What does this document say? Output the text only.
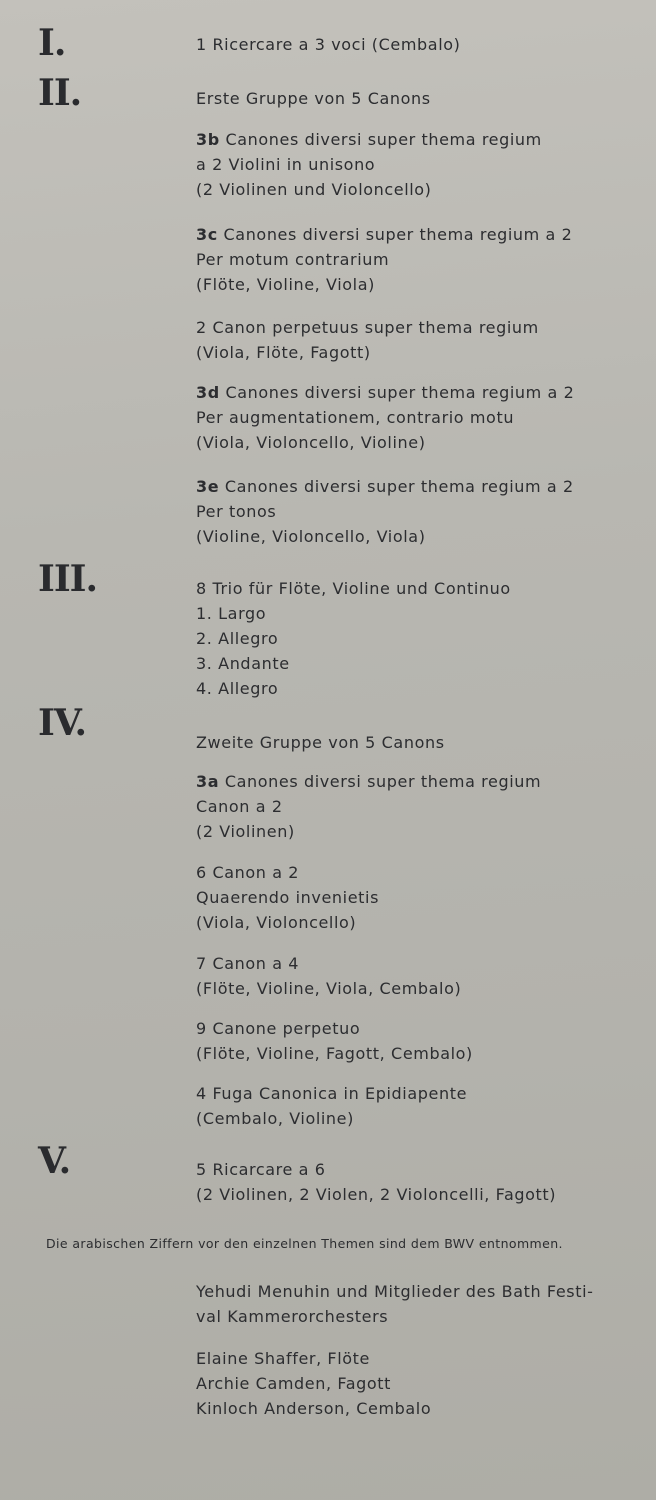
I.	1 Ricercare a 3 voci (Cembalo)
II.	Erste Gruppe von 5 Canons
3b Canones diversi super thema regium
a 2 Violini in unisono
(2 Violinen und Violoncello)
3c Canones diversi super thema regium a 2
Per motum contrarium
(Flöte, Violine, Viola)
2 Canon perpetuus super thema regium
(Viola, Flöte, Fagott)
3d Canones diversi super thema regium a 2
Per augmentationem, contrario motu
(Viola, Violoncello, Violine)
3e Canones diversi super thema regium a 2
Per tonos
(Violine, Violoncello, Viola)
III.	8 Trio für Flöte, Violine und Continuo
1. Largo
2. Allegro
3. Andante
4. Allegro
IV.	Zweite Gruppe von 5 Canons
3a Canones diversi super thema regium
Canon a 2
(2 Violinen)
6 Canon a 2
Quaerendo invenietis
(Viola, Violoncello)
7 Canon a 4
(Flöte, Violine, Viola, Cembalo)
9 Canone perpetuo
(Flöte, Violine, Fagott, Cembalo)
4 Fuga Canonica in Epidiapente
(Cembalo, Violine)
V.	5 Ricarcare a 6
(2 Violinen, 2 Violen, 2 Violoncelli, Fagott)
Die arabischen Ziffern vor den einzelnen Themen sind dem BWV entnommen.
Yehudi Menuhin und Mitglieder des Bath Festi-
val Kammerorchesters
Elaine Shaffer, Flöte
Archie Camden, Fagott
Kinloch Anderson, Cembalo
